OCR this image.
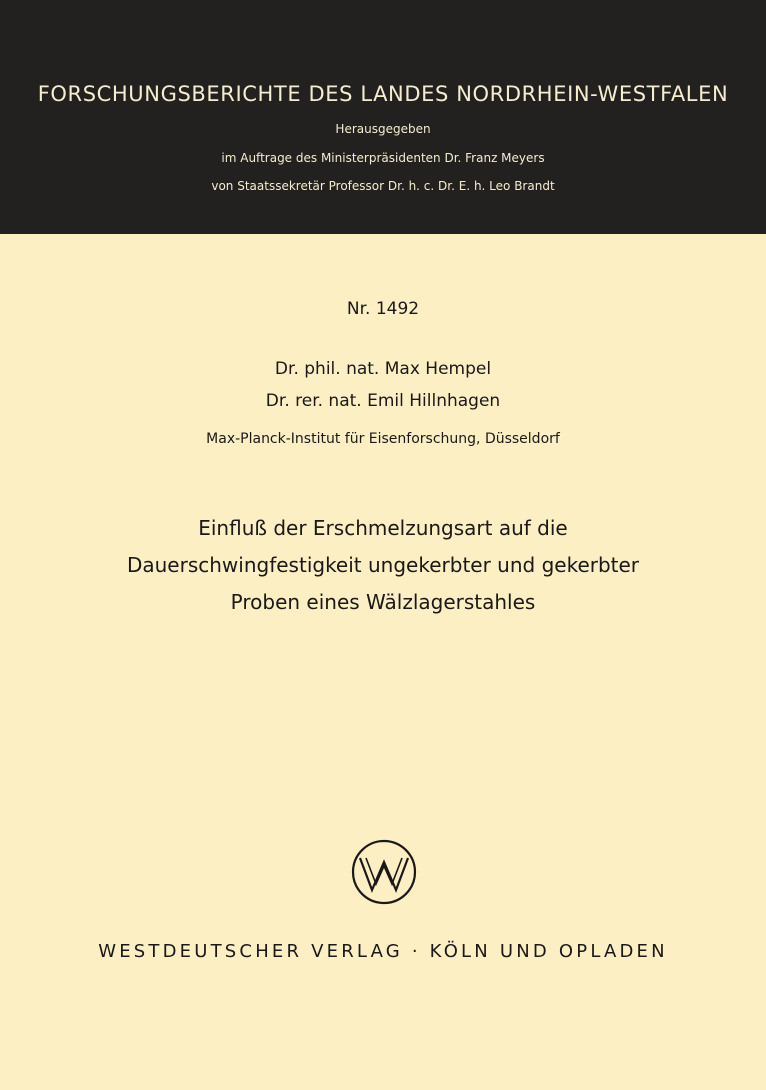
FORSCHUNGSBERICHTE DES LANDES NORDRHEIN-WESTFALEN
Herausgegeben
im Auftrage des Ministerpräsidenten Dr. Franz Meyers
von Staatssekretär Professor Dr. h. c. Dr. E. h. Leo Brandt
Nr. 1492
Dr. phil. nat. Max Hempel
Dr. rer. nat. Emil Hillnhagen
Max-Planck-Institut für Eisenforschung, Düsseldorf
Einfluß der Erschmelzungsart auf die
Dauerschwingfestigkeit ungekerbter und gekerbter
Proben eines Wälzlagerstahles
WESTDEUTSCHER VERLAG · KÖLN UND OPLADEN
